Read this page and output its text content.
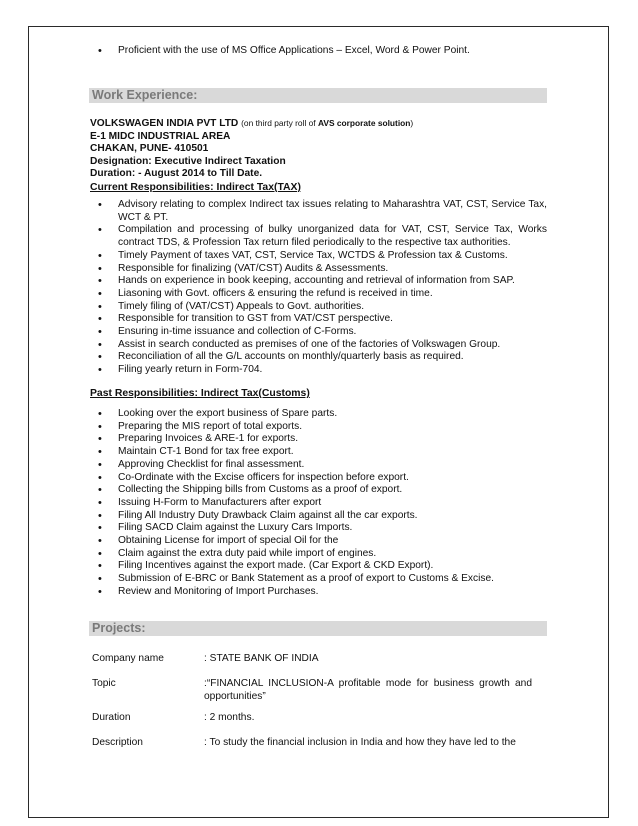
• Proficient with the use of MS Office Applications – Excel, Word & Power Point.
Work Experience:
VOLKSWAGEN INDIA PVT LTD (on third party roll of AVS corporate solution)
E-1 MIDC INDUSTRIAL AREA
CHAKAN, PUNE- 410501
Designation: Executive Indirect Taxation
Duration: - August 2014 to Till Date.
Current Responsibilities: Indirect Tax(TAX)
• Advisory relating to complex Indirect tax issues relating to Maharashtra VAT, CST, Service Tax, WCT & PT.
• Compilation and processing of bulky unorganized data for VAT, CST, Service Tax, Works contract TDS, & Profession Tax return filed periodically to the respective tax authorities.
• Timely Payment of taxes VAT, CST, Service Tax, WCTDS & Profession tax & Customs.
• Responsible for finalizing (VAT/CST) Audits & Assessments.
• Hands on experience in book keeping, accounting and retrieval of information from SAP.
• Liasoning with Govt. officers & ensuring the refund is received in time.
• Timely filing of (VAT/CST) Appeals to Govt. authorities.
• Responsible for transition to GST from VAT/CST perspective.
• Ensuring in-time issuance and collection of C-Forms.
• Assist in search conducted as premises of one of the factories of Volkswagen Group.
• Reconciliation of all the G/L accounts on monthly/quarterly basis as required.
• Filing yearly return in Form-704.
Past Responsibilities: Indirect Tax(Customs)
• Looking over the export business of Spare parts.
• Preparing the MIS report of total exports.
• Preparing Invoices & ARE-1 for exports.
• Maintain CT-1 Bond for tax free export.
• Approving Checklist for final assessment.
• Co-Ordinate with the Excise officers for inspection before export.
• Collecting the Shipping bills from Customs as a proof of export.
• Issuing H-Form to Manufacturers after export
• Filing All Industry Duty Drawback Claim against all the car exports.
• Filing SACD Claim against the Luxury Cars Imports.
• Obtaining License for import of special Oil for the
• Claim against the extra duty paid while import of engines.
• Filing Incentives against the export made. (Car Export & CKD Export).
• Submission of E-BRC or Bank Statement as a proof of export to Customs & Excise.
• Review and Monitoring of Import Purchases.
Projects:
Company name	: STATE BANK OF INDIA
Topic	:“FINANCIAL INCLUSION-A profitable mode for business growth and opportunities”
Duration	: 2 months.
Description	: To study the financial inclusion in India and how they have led to the
